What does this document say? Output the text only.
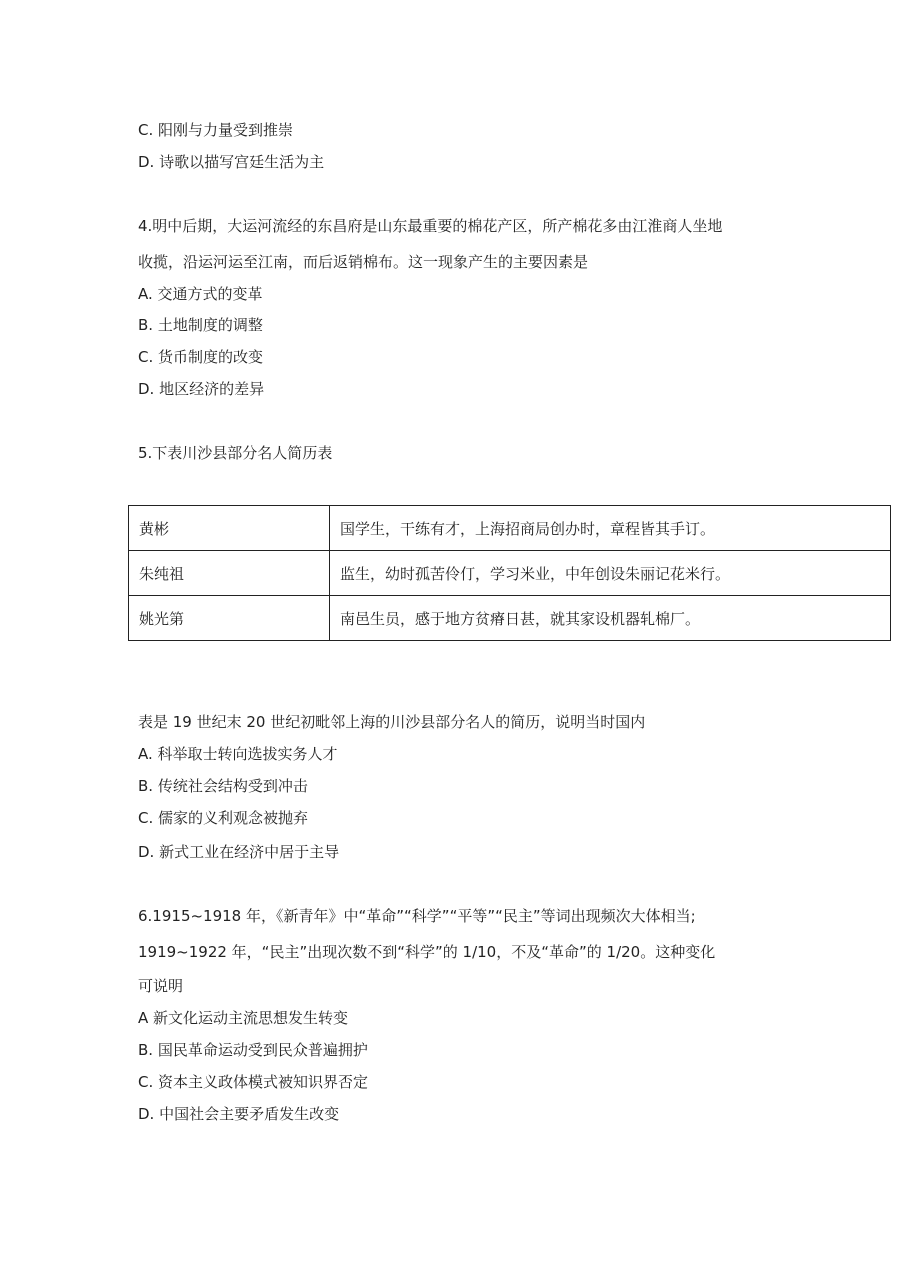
C. 阳刚与力量受到推崇
D. 诗歌以描写宫廷生活为主
4.明中后期，大运河流经的东昌府是山东最重要的棉花产区，所产棉花多由江淮商人坐地
收揽，沿运河运至江南，而后返销棉布。这一现象产生的主要因素是
A. 交通方式的变革
B. 土地制度的调整
C. 货币制度的改变
D. 地区经济的差异
5.下表川沙县部分名人简历表
黄彬	国学生，干练有才，上海招商局创办时，章程皆其手订。
朱纯祖	监生，幼时孤苦伶仃，学习米业，中年创设朱丽记花米行。
姚光第	南邑生员，感于地方贫瘠日甚，就其家设机器轧棉厂。
表是 19 世纪末 20 世纪初毗邻上海的川沙县部分名人的简历，说明当时国内
A. 科举取士转向选拔实务人才
B. 传统社会结构受到冲击
C. 儒家的义利观念被抛弃
D. 新式工业在经济中居于主导
6.1915~1918 年，《新青年》中“革命”“科学”“平等”“民主”等词出现频次大体相当;
1919~1922 年，“民主”出现次数不到“科学”的 1/10，不及“革命”的 1/20。这种变化
可说明
A 新文化运动主流思想发生转变
B. 国民革命运动受到民众普遍拥护
C. 资本主义政体模式被知识界否定
D. 中国社会主要矛盾发生改变
